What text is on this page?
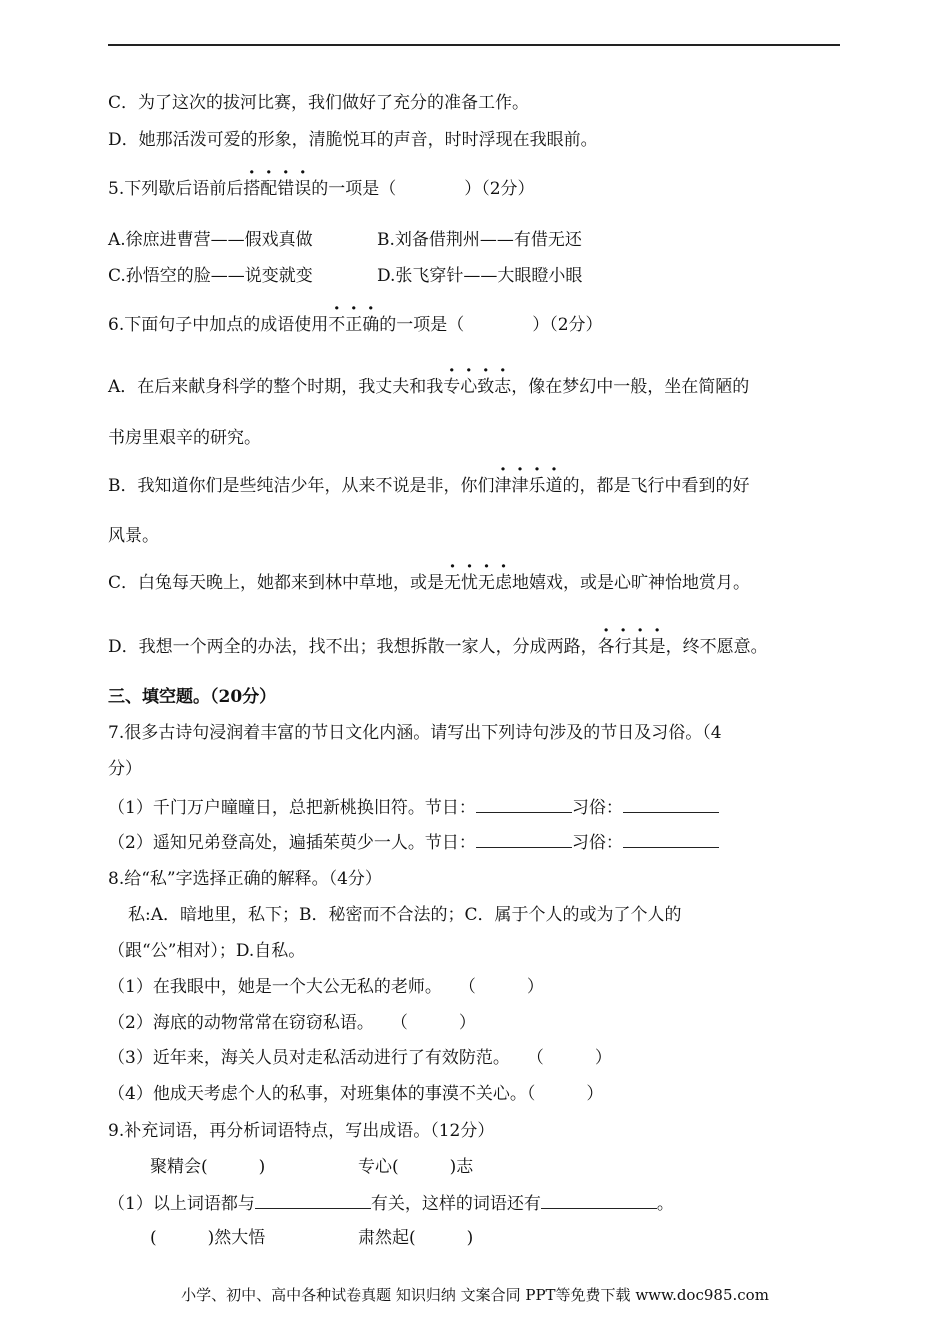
C．为了这次的拔河比赛，我们做好了充分的准备工作。
D．她那活泼可爱的形象，清脆悦耳的声音，时时浮现在我眼前。
5.下列歇后语前后搭配错误的一项是（　　　　）（2分）
A.徐庶进曹营——假戏真做	B.刘备借荆州——有借无还
C.孙悟空的脸——说变就变	D.张飞穿针——大眼瞪小眼
6.下面句子中加点的成语使用不正确的一项是（　　　　）（2分）
A．在后来献身科学的整个时期，我丈夫和我专心致志，像在梦幻中一般，坐在简陋的
书房里艰辛的研究。
B．我知道你们是些纯洁少年，从来不说是非，你们津津乐道的，都是飞行中看到的好
风景。
C．白兔每天晚上，她都来到林中草地，或是无忧无虑地嬉戏，或是心旷神怡地赏月。
D．我想一个两全的办法，找不出；我想拆散一家人，分成两路，各行其是，终不愿意。
三、填空题。（20分）
7.很多古诗句浸润着丰富的节日文化内涵。请写出下列诗句涉及的节日及习俗。（4
分）
（1）千门万户曈曈日，总把新桃换旧符。节日：	习俗：
（2）遥知兄弟登高处，遍插茱萸少一人。节日：	习俗：
8.给“私”字选择正确的解释。（4分）
私:A．暗地里，私下；B．秘密而不合法的；C．属于个人的或为了个人的
（跟“公”相对）；D.自私。
（1）在我眼中，她是一个大公无私的老师。　　（　　　）
（2）海底的动物常常在窃窃私语。　　（　　　）
（3）近年来，海关人员对走私活动进行了有效防范。　　（　　　）
（4）他成天考虑个人的私事，对班集体的事漠不关心。（　　　）
9.补充词语，再分析词语特点，写出成语。（12分）
聚精会(　　　)	专心(　　　)志
（1）以上词语都与	有关，这样的词语还有	。
(　　　)然大悟	肃然起(　　　)
小学、初中、高中各种试卷真题 知识归纳 文案合同 PPT等免费下载 www.doc985.com
